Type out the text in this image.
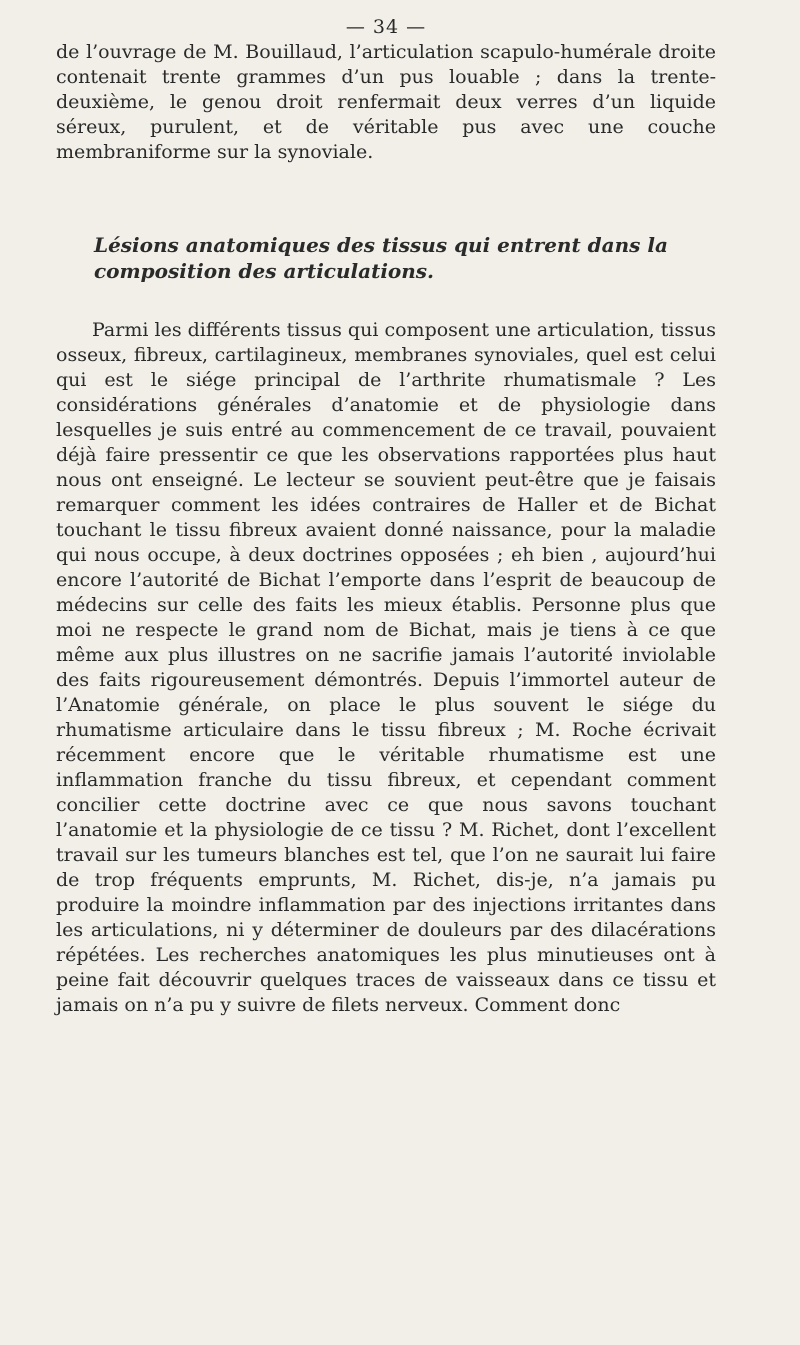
— 34 —

de l’ouvrage de M. Bouillaud, l’articulation scapulo-humérale droite contenait trente grammes d’un pus louable ; dans la trente-deuxième, le genou droit renfermait deux verres d’un liquide séreux, purulent, et de véritable pus avec une couche membraniforme sur la synoviale.

Lésions anatomiques des tissus qui entrent dans la composition des articulations.

Parmi les différents tissus qui composent une articulation, tissus osseux, fibreux, cartilagineux, membranes synoviales, quel est celui qui est le siége principal de l’arthrite rhumatismale ? Les considérations générales d’anatomie et de physiologie dans lesquelles je suis entré au commencement de ce travail, pouvaient déjà faire pressentir ce que les observations rapportées plus haut nous ont enseigné. Le lecteur se souvient peut-être que je faisais remarquer comment les idées contraires de Haller et de Bichat touchant le tissu fibreux avaient donné naissance, pour la maladie qui nous occupe, à deux doctrines opposées ; eh bien , aujourd’hui encore l’autorité de Bichat l’emporte dans l’esprit de beaucoup de médecins sur celle des faits les mieux établis. Personne plus que moi ne respecte le grand nom de Bichat, mais je tiens à ce que même aux plus illustres on ne sacrifie jamais l’autorité inviolable des faits rigoureusement démontrés. Depuis l’immortel auteur de l’Anatomie générale, on place le plus souvent le siége du rhumatisme articulaire dans le tissu fibreux ; M. Roche écrivait récemment encore que le véritable rhumatisme est une inflammation franche du tissu fibreux, et cependant comment concilier cette doctrine avec ce que nous savons touchant l’anatomie et la physiologie de ce tissu ? M. Richet, dont l’excellent travail sur les tumeurs blanches est tel, que l’on ne saurait lui faire de trop fréquents emprunts, M. Richet, dis-je, n’a jamais pu produire la moindre inflammation par des injections irritantes dans les articulations, ni y déterminer de douleurs par des dilacérations répétées. Les recherches anatomiques les plus minutieuses ont à peine fait découvrir quelques traces de vaisseaux dans ce tissu et jamais on n’a pu y suivre de filets nerveux. Comment donc
